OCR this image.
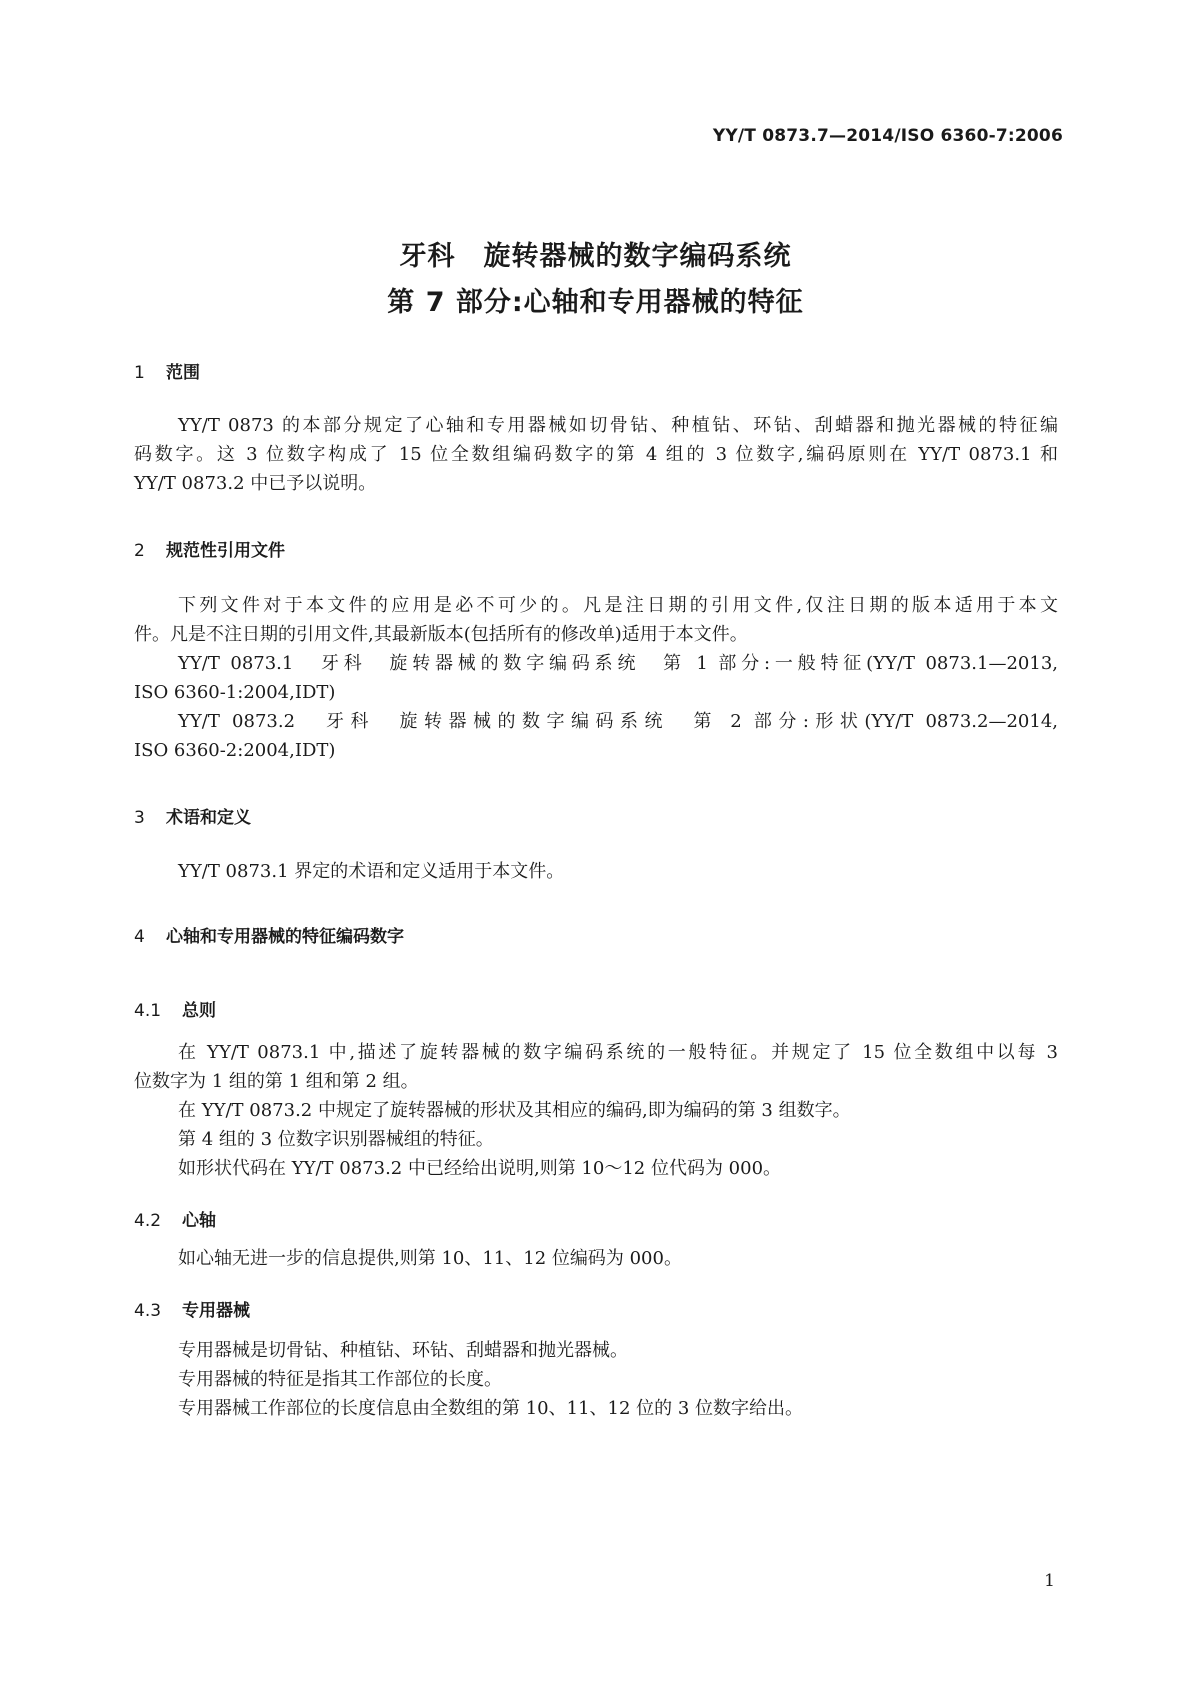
YY/T 0873.7—2014/ISO 6360-7:2006
牙科 旋转器械的数字编码系统
第 7 部分:心轴和专用器械的特征
1 范围
YY/T 0873 的本部分规定了心轴和专用器械如切骨钻、种植钻、环钻、刮蜡器和抛光器械的特征编
码数字。这 3 位数字构成了 15 位全数组编码数字的第 4 组的 3 位数字,编码原则在 YY/T 0873.1 和
YY/T 0873.2 中已予以说明。
2 规范性引用文件
下列文件对于本文件的应用是必不可少的。凡是注日期的引用文件,仅注日期的版本适用于本文
件。凡是不注日期的引用文件,其最新版本(包括所有的修改单)适用于本文件。
YY/T 0873.1　牙科　旋转器械的数字编码系统　第 1 部分:一般特征(YY/T 0873.1—2013,
ISO 6360-1:2004,IDT)
YY/T 0873.2　牙科　旋转器械的数字编码系统　第 2 部分:形状(YY/T 0873.2—2014,
ISO 6360-2:2004,IDT)
3 术语和定义
YY/T 0873.1 界定的术语和定义适用于本文件。
4 心轴和专用器械的特征编码数字
4.1 总则
在 YY/T 0873.1 中,描述了旋转器械的数字编码系统的一般特征。并规定了 15 位全数组中以每 3
位数字为 1 组的第 1 组和第 2 组。
在 YY/T 0873.2 中规定了旋转器械的形状及其相应的编码,即为编码的第 3 组数字。
第 4 组的 3 位数字识别器械组的特征。
如形状代码在 YY/T 0873.2 中已经给出说明,则第 10～12 位代码为 000。
4.2 心轴
如心轴无进一步的信息提供,则第 10、11、12 位编码为 000。
4.3 专用器械
专用器械是切骨钻、种植钻、环钻、刮蜡器和抛光器械。
专用器械的特征是指其工作部位的长度。
专用器械工作部位的长度信息由全数组的第 10、11、12 位的 3 位数字给出。
1
